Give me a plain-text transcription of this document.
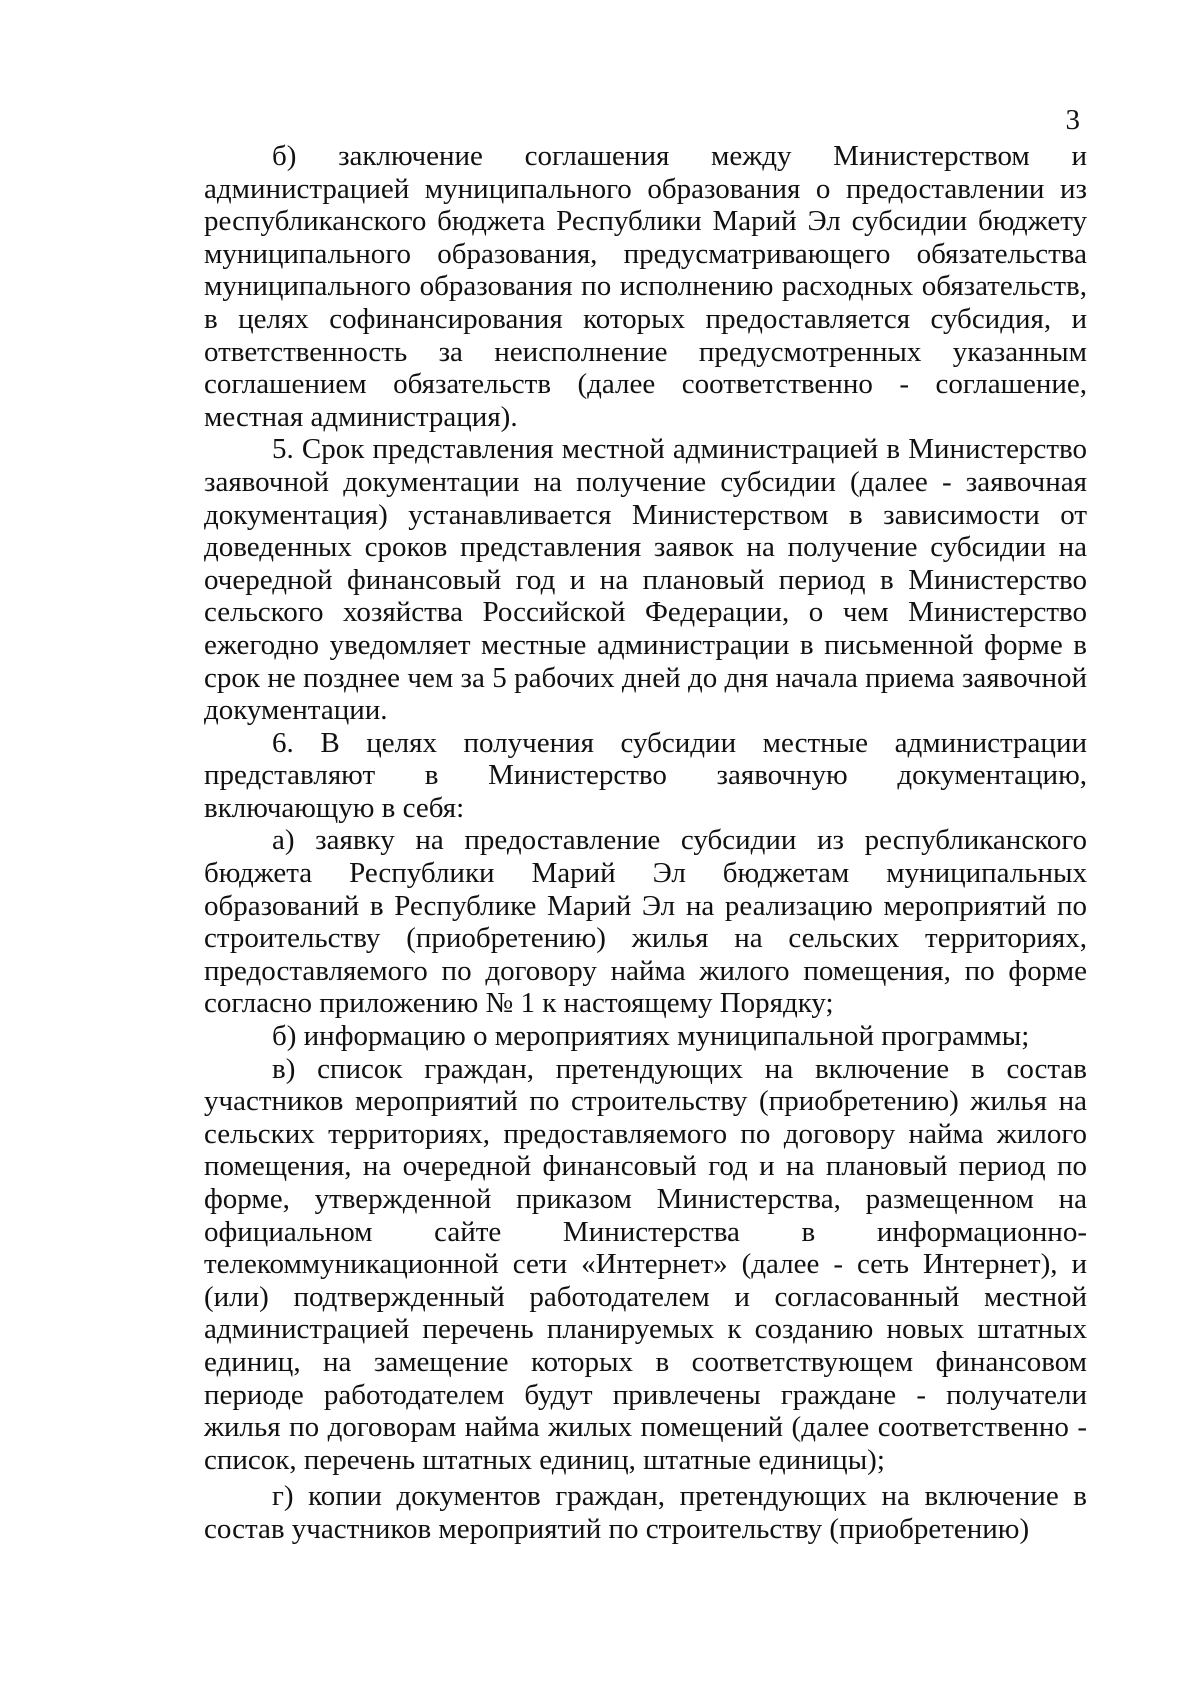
3

б) заключение соглашения между Министерством и администрацией муниципального образования о предоставлении из республиканского бюджета Республики Марий Эл субсидии бюджету муниципального образования, предусматривающего обязательства муниципального образования по исполнению расходных обязательств, в целях софинансирования которых предоставляется субсидия, и ответственность за неисполнение предусмотренных указанным соглашением обязательств (далее соответственно - соглашение, местная администрация).

5. Срок представления местной администрацией в Министерство заявочной документации на получение субсидии (далее - заявочная документация) устанавливается Министерством в зависимости от доведенных сроков представления заявок на получение субсидии на очередной финансовый год и на плановый период в Министерство сельского хозяйства Российской Федерации, о чем Министерство ежегодно уведомляет местные администрации в письменной форме в срок не позднее чем за 5 рабочих дней до дня начала приема заявочной документации.

6. В целях получения субсидии местные администрации представляют в Министерство заявочную документацию, включающую в себя:

а) заявку на предоставление субсидии из республиканского бюджета Республики Марий Эл бюджетам муниципальных образований в Республике Марий Эл на реализацию мероприятий по строительству (приобретению) жилья на сельских территориях, предоставляемого по договору найма жилого помещения, по форме согласно приложению № 1 к настоящему Порядку;

б) информацию о мероприятиях муниципальной программы;

в) список граждан, претендующих на включение в состав участников мероприятий по строительству (приобретению) жилья на сельских территориях, предоставляемого по договору найма жилого помещения, на очередной финансовый год и на плановый период по форме, утвержденной приказом Министерства, размещенном на официальном сайте Министерства в информационно-телекоммуникационной сети «Интернет» (далее - сеть Интернет), и (или) подтвержденный работодателем и согласованный местной администрацией перечень планируемых к созданию новых штатных единиц, на замещение которых в соответствующем финансовом периоде работодателем будут привлечены граждане - получатели жилья по договорам найма жилых помещений (далее соответственно - список, перечень штатных единиц, штатные единицы);

г) копии документов граждан, претендующих на включение в состав участников мероприятий по строительству (приобретению)
